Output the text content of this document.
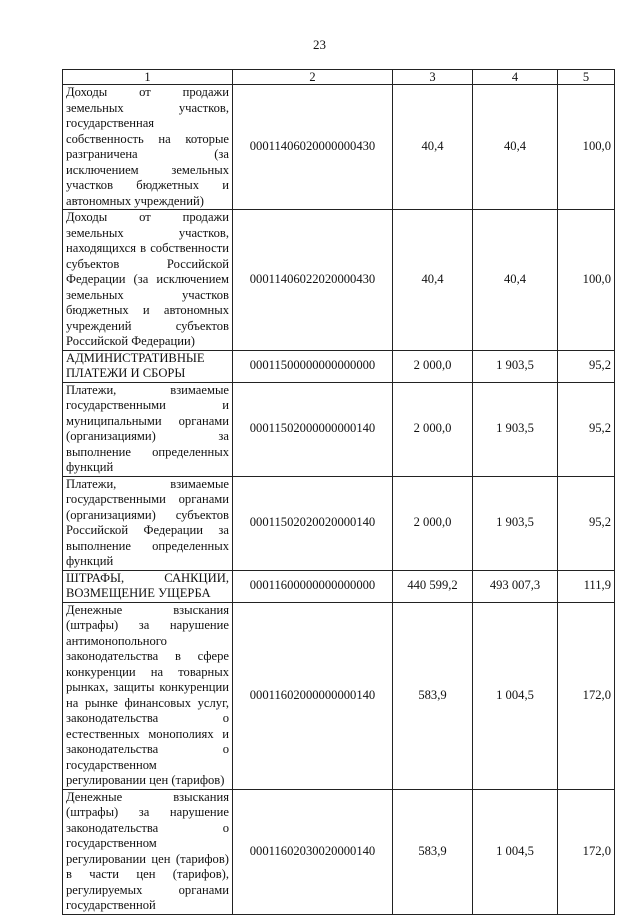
23
1	2	3	4	5
Доходы от продажи земельных участков, государственная собственность на которые разграничена (за исключением земельных участков бюджетных и автономных учреждений)	00011406020000000430	40,4	40,4	100,0
Доходы от продажи земельных участков, находящихся в собственности субъектов Российской Федерации (за исключением земельных участков бюджетных и автономных учреждений субъектов Российской Федерации)	00011406022020000430	40,4	40,4	100,0
АДМИНИСТРАТИВНЫЕ ПЛАТЕЖИ И СБОРЫ	00011500000000000000	2 000,0	1 903,5	95,2
Платежи, взимаемые государственными и муниципальными органами (организациями) за выполнение определенных функций	00011502000000000140	2 000,0	1 903,5	95,2
Платежи, взимаемые государственными органами (организациями) субъектов Российской Федерации за выполнение определенных функций	00011502020020000140	2 000,0	1 903,5	95,2
ШТРАФЫ, САНКЦИИ, ВОЗМЕЩЕНИЕ УЩЕРБА	00011600000000000000	440 599,2	493 007,3	111,9
Денежные взыскания (штрафы) за нарушение антимонопольного законодательства в сфере конкуренции на товарных рынках, защиты конкуренции на рынке финансовых услуг, законодательства о естественных монополиях и законодательства о государственном регулировании цен (тарифов)	00011602000000000140	583,9	1 004,5	172,0
Денежные взыскания (штрафы) за нарушение законодательства о государственном регулировании цен (тарифов) в части цен (тарифов), регулируемых органами государственной	00011602030020000140	583,9	1 004,5	172,0
